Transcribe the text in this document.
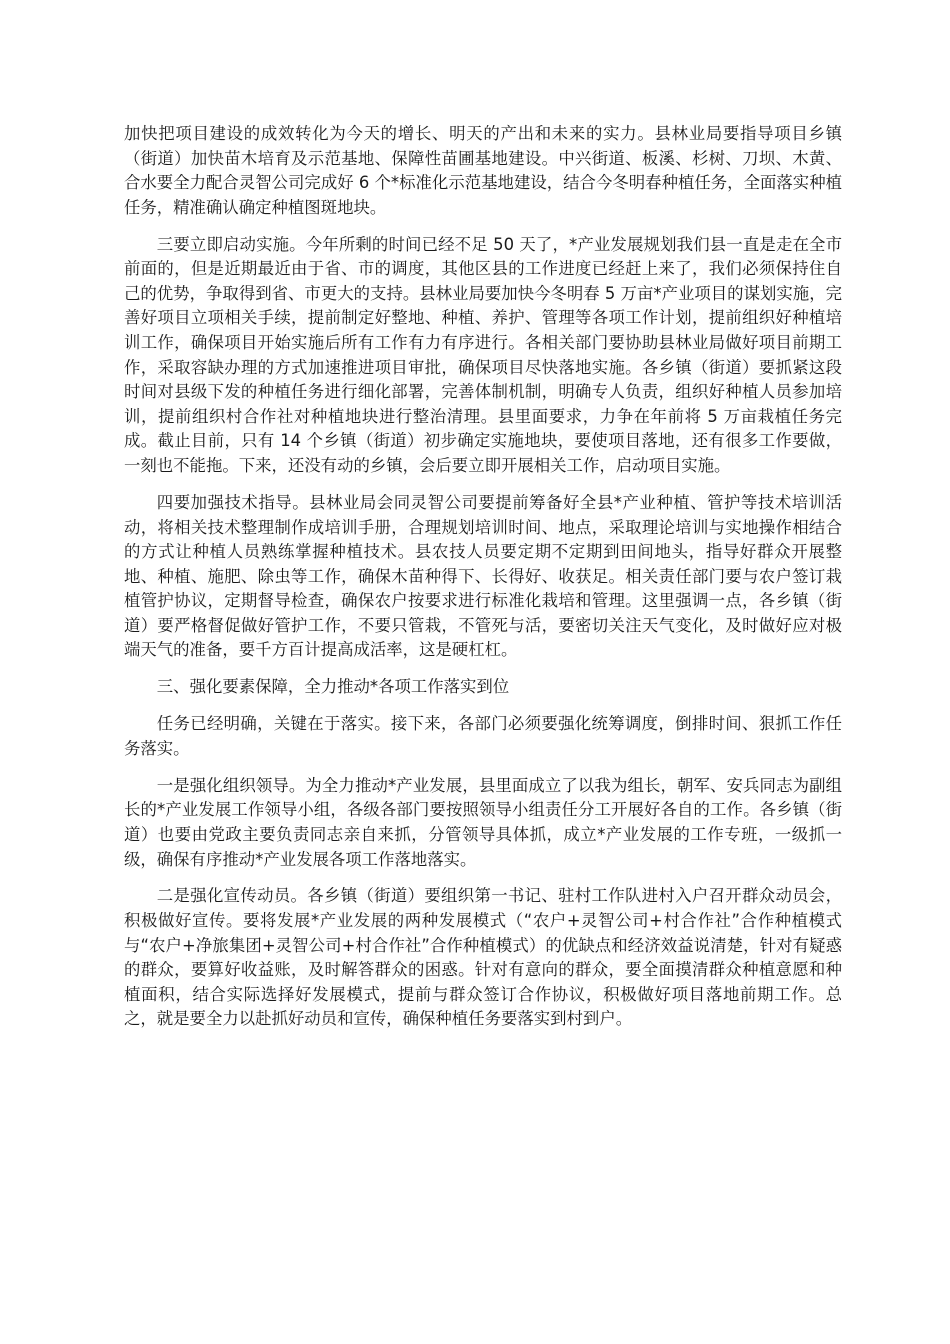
加快把项目建设的成效转化为今天的增长、明天的产出和未来的实力。县林业局要指导项目乡镇（街道）加快苗木培育及示范基地、保障性苗圃基地建设。中兴街道、板溪、杉树、刀坝、木黄、合水要全力配合灵智公司完成好 6 个*标准化示范基地建设，结合今冬明春种植任务，全面落实种植任务，精准确认确定种植图斑地块。

三要立即启动实施。今年所剩的时间已经不足 50 天了，*产业发展规划我们县一直是走在全市前面的，但是近期最近由于省、市的调度，其他区县的工作进度已经赶上来了，我们必须保持住自己的优势，争取得到省、市更大的支持。县林业局要加快今冬明春 5 万亩*产业项目的谋划实施，完善好项目立项相关手续，提前制定好整地、种植、养护、管理等各项工作计划，提前组织好种植培训工作，确保项目开始实施后所有工作有力有序进行。各相关部门要协助县林业局做好项目前期工作，采取容缺办理的方式加速推进项目审批，确保项目尽快落地实施。各乡镇（街道）要抓紧这段时间对县级下发的种植任务进行细化部署，完善体制机制，明确专人负责，组织好种植人员参加培训，提前组织村合作社对种植地块进行整治清理。县里面要求，力争在年前将 5 万亩栽植任务完成。截止目前，只有 14 个乡镇（街道）初步确定实施地块，要使项目落地，还有很多工作要做，一刻也不能拖。下来，还没有动的乡镇，会后要立即开展相关工作，启动项目实施。

四要加强技术指导。县林业局会同灵智公司要提前筹备好全县*产业种植、管护等技术培训活动，将相关技术整理制作成培训手册，合理规划培训时间、地点，采取理论培训与实地操作相结合的方式让种植人员熟练掌握种植技术。县农技人员要定期不定期到田间地头，指导好群众开展整地、种植、施肥、除虫等工作，确保木苗种得下、长得好、收获足。相关责任部门要与农户签订栽植管护协议，定期督导检查，确保农户按要求进行标准化栽培和管理。这里强调一点，各乡镇（街道）要严格督促做好管护工作，不要只管栽，不管死与活，要密切关注天气变化，及时做好应对极端天气的准备，要千方百计提高成活率，这是硬杠杠。

三、强化要素保障，全力推动*各项工作落实到位

任务已经明确，关键在于落实。接下来，各部门必须要强化统筹调度，倒排时间、狠抓工作任务落实。

一是强化组织领导。为全力推动*产业发展，县里面成立了以我为组长，朝军、安兵同志为副组长的*产业发展工作领导小组，各级各部门要按照领导小组责任分工开展好各自的工作。各乡镇（街道）也要由党政主要负责同志亲自来抓，分管领导具体抓，成立*产业发展的工作专班，一级抓一级，确保有序推动*产业发展各项工作落地落实。

二是强化宣传动员。各乡镇（街道）要组织第一书记、驻村工作队进村入户召开群众动员会，积极做好宣传。要将发展*产业发展的两种发展模式（“农户+灵智公司+村合作社”合作种植模式与“农户+净旅集团+灵智公司+村合作社”合作种植模式）的优缺点和经济效益说清楚，针对有疑惑的群众，要算好收益账，及时解答群众的困惑。针对有意向的群众，要全面摸清群众种植意愿和种植面积，结合实际选择好发展模式，提前与群众签订合作协议，积极做好项目落地前期工作。总之，就是要全力以赴抓好动员和宣传，确保种植任务要落实到村到户。
